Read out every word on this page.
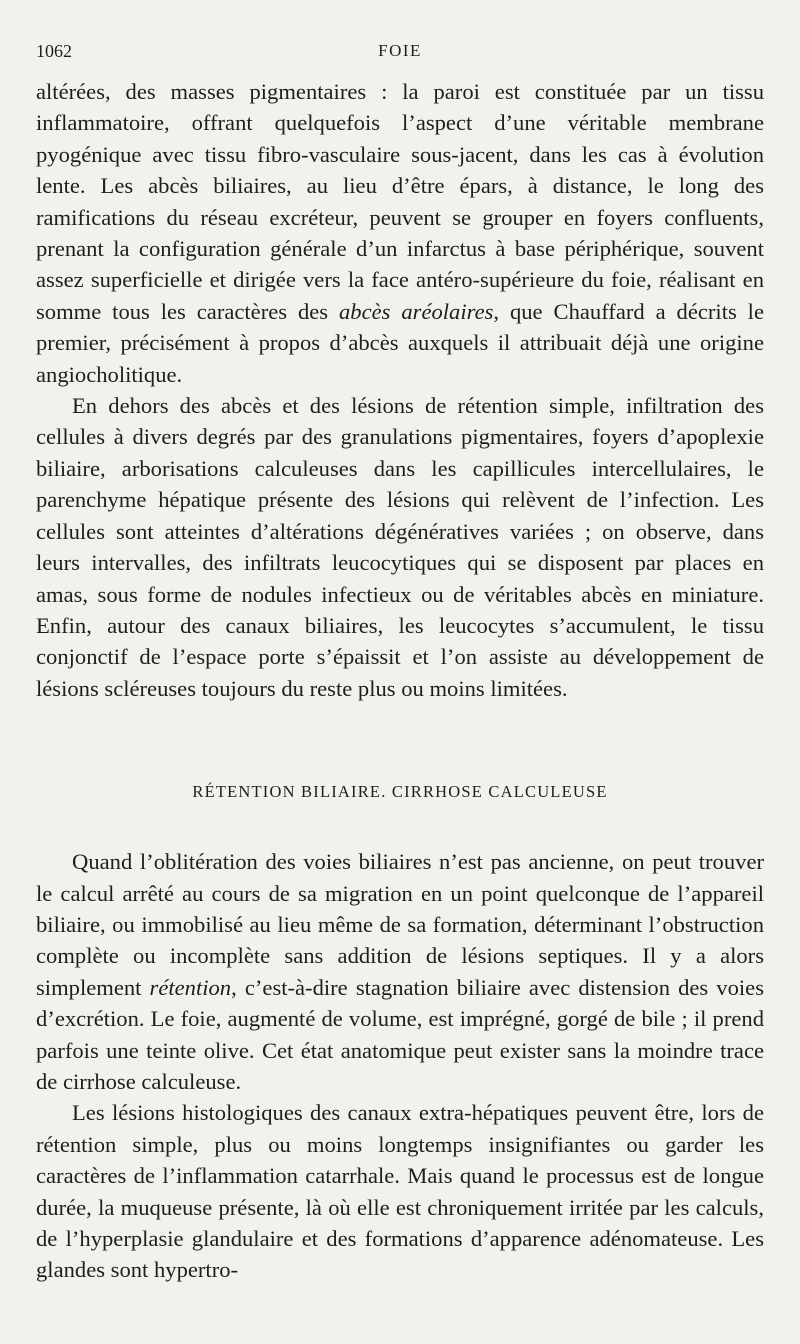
1062	FOIE

altérées, des masses pigmentaires : la paroi est constituée par un tissu inflammatoire, offrant quelquefois l’aspect d’une véritable membrane pyogénique avec tissu fibro-vasculaire sous-jacent, dans les cas à évolution lente. Les abcès biliaires, au lieu d’être épars, à distance, le long des ramifications du réseau excréteur, peuvent se grouper en foyers confluents, prenant la configuration générale d’un infarctus à base périphérique, souvent assez superficielle et dirigée vers la face antéro-supérieure du foie, réalisant en somme tous les caractères des abcès aréolaires, que Chauffard a décrits le premier, précisément à propos d’abcès auxquels il attribuait déjà une origine angiocholitique.

En dehors des abcès et des lésions de rétention simple, infiltration des cellules à divers degrés par des granulations pigmentaires, foyers d’apoplexie biliaire, arborisations calculeuses dans les capillicules intercellulaires, le parenchyme hépatique présente des lésions qui relèvent de l’infection. Les cellules sont atteintes d’altérations dégénératives variées ; on observe, dans leurs intervalles, des infiltrats leucocytiques qui se disposent par places en amas, sous forme de nodules infectieux ou de véritables abcès en miniature. Enfin, autour des canaux biliaires, les leucocytes s’accumulent, le tissu conjonctif de l’espace porte s’épaissit et l’on assiste au développement de lésions scléreuses toujours du reste plus ou moins limitées.

RÉTENTION BILIAIRE. CIRRHOSE CALCULEUSE

Quand l’oblitération des voies biliaires n’est pas ancienne, on peut trouver le calcul arrêté au cours de sa migration en un point quelconque de l’appareil biliaire, ou immobilisé au lieu même de sa formation, déterminant l’obstruction complète ou incomplète sans addition de lésions septiques. Il y a alors simplement rétention, c’est-à-dire stagnation biliaire avec distension des voies d’excrétion. Le foie, augmenté de volume, est imprégné, gorgé de bile ; il prend parfois une teinte olive. Cet état anatomique peut exister sans la moindre trace de cirrhose calculeuse.

Les lésions histologiques des canaux extra-hépatiques peuvent être, lors de rétention simple, plus ou moins longtemps insignifiantes ou garder les caractères de l’inflammation catarrhale. Mais quand le processus est de longue durée, la muqueuse présente, là où elle est chroniquement irritée par les calculs, de l’hyperplasie glandulaire et des formations d’apparence adénomateuse. Les glandes sont hypertro-
